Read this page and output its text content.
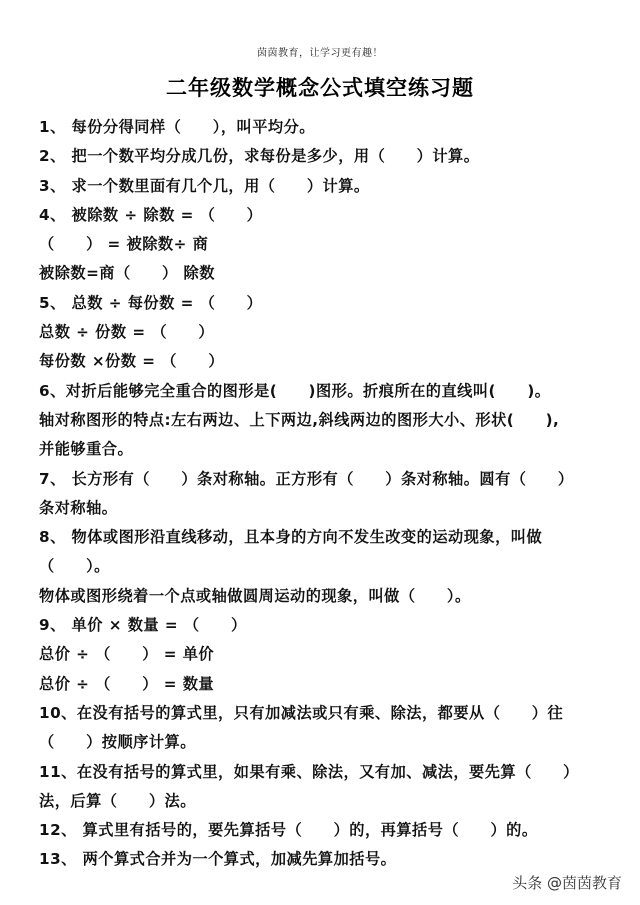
茵茵教育，让学习更有趣！
二年级数学概念公式填空练习题
1、 每份分得同样（　　），叫平均分。
2、 把一个数平均分成几份，求每份是多少，用（　　）计算。
3、 求一个数里面有几个几，用（　　）计算。
4、 被除数 ÷ 除数 = （　　）
（　　） = 被除数÷ 商
被除数=商（　　） 除数
5、 总数 ÷ 每份数 = （　　）
总数 ÷ 份数 = （　　）
每份数 ×份数 = （　　）
6、对折后能够完全重合的图形是(　　)图形。折痕所在的直线叫(　　)。
轴对称图形的特点:左右两边、上下两边,斜线两边的图形大小、形状(　　),
并能够重合。
7、 长方形有（　　）条对称轴。正方形有（　　）条对称轴。圆有（　　）
条对称轴。
8、 物体或图形沿直线移动，且本身的方向不发生改变的运动现象，叫做
（　　）。
物体或图形绕着一个点或轴做圆周运动的现象，叫做（　　）。
9、 单价 × 数量 = （　　）
总价 ÷ （　　） = 单价
总价 ÷ （　　） = 数量
10、在没有括号的算式里，只有加减法或只有乘、除法，都要从（　　）往
（　　）按顺序计算。
11、在没有括号的算式里，如果有乘、除法，又有加、减法，要先算（　　）
法，后算（　　）法。
12、 算式里有括号的，要先算括号（　　）的，再算括号（　　）的。
13、 两个算式合并为一个算式，加减先算加括号。
头条 @茵茵教育
